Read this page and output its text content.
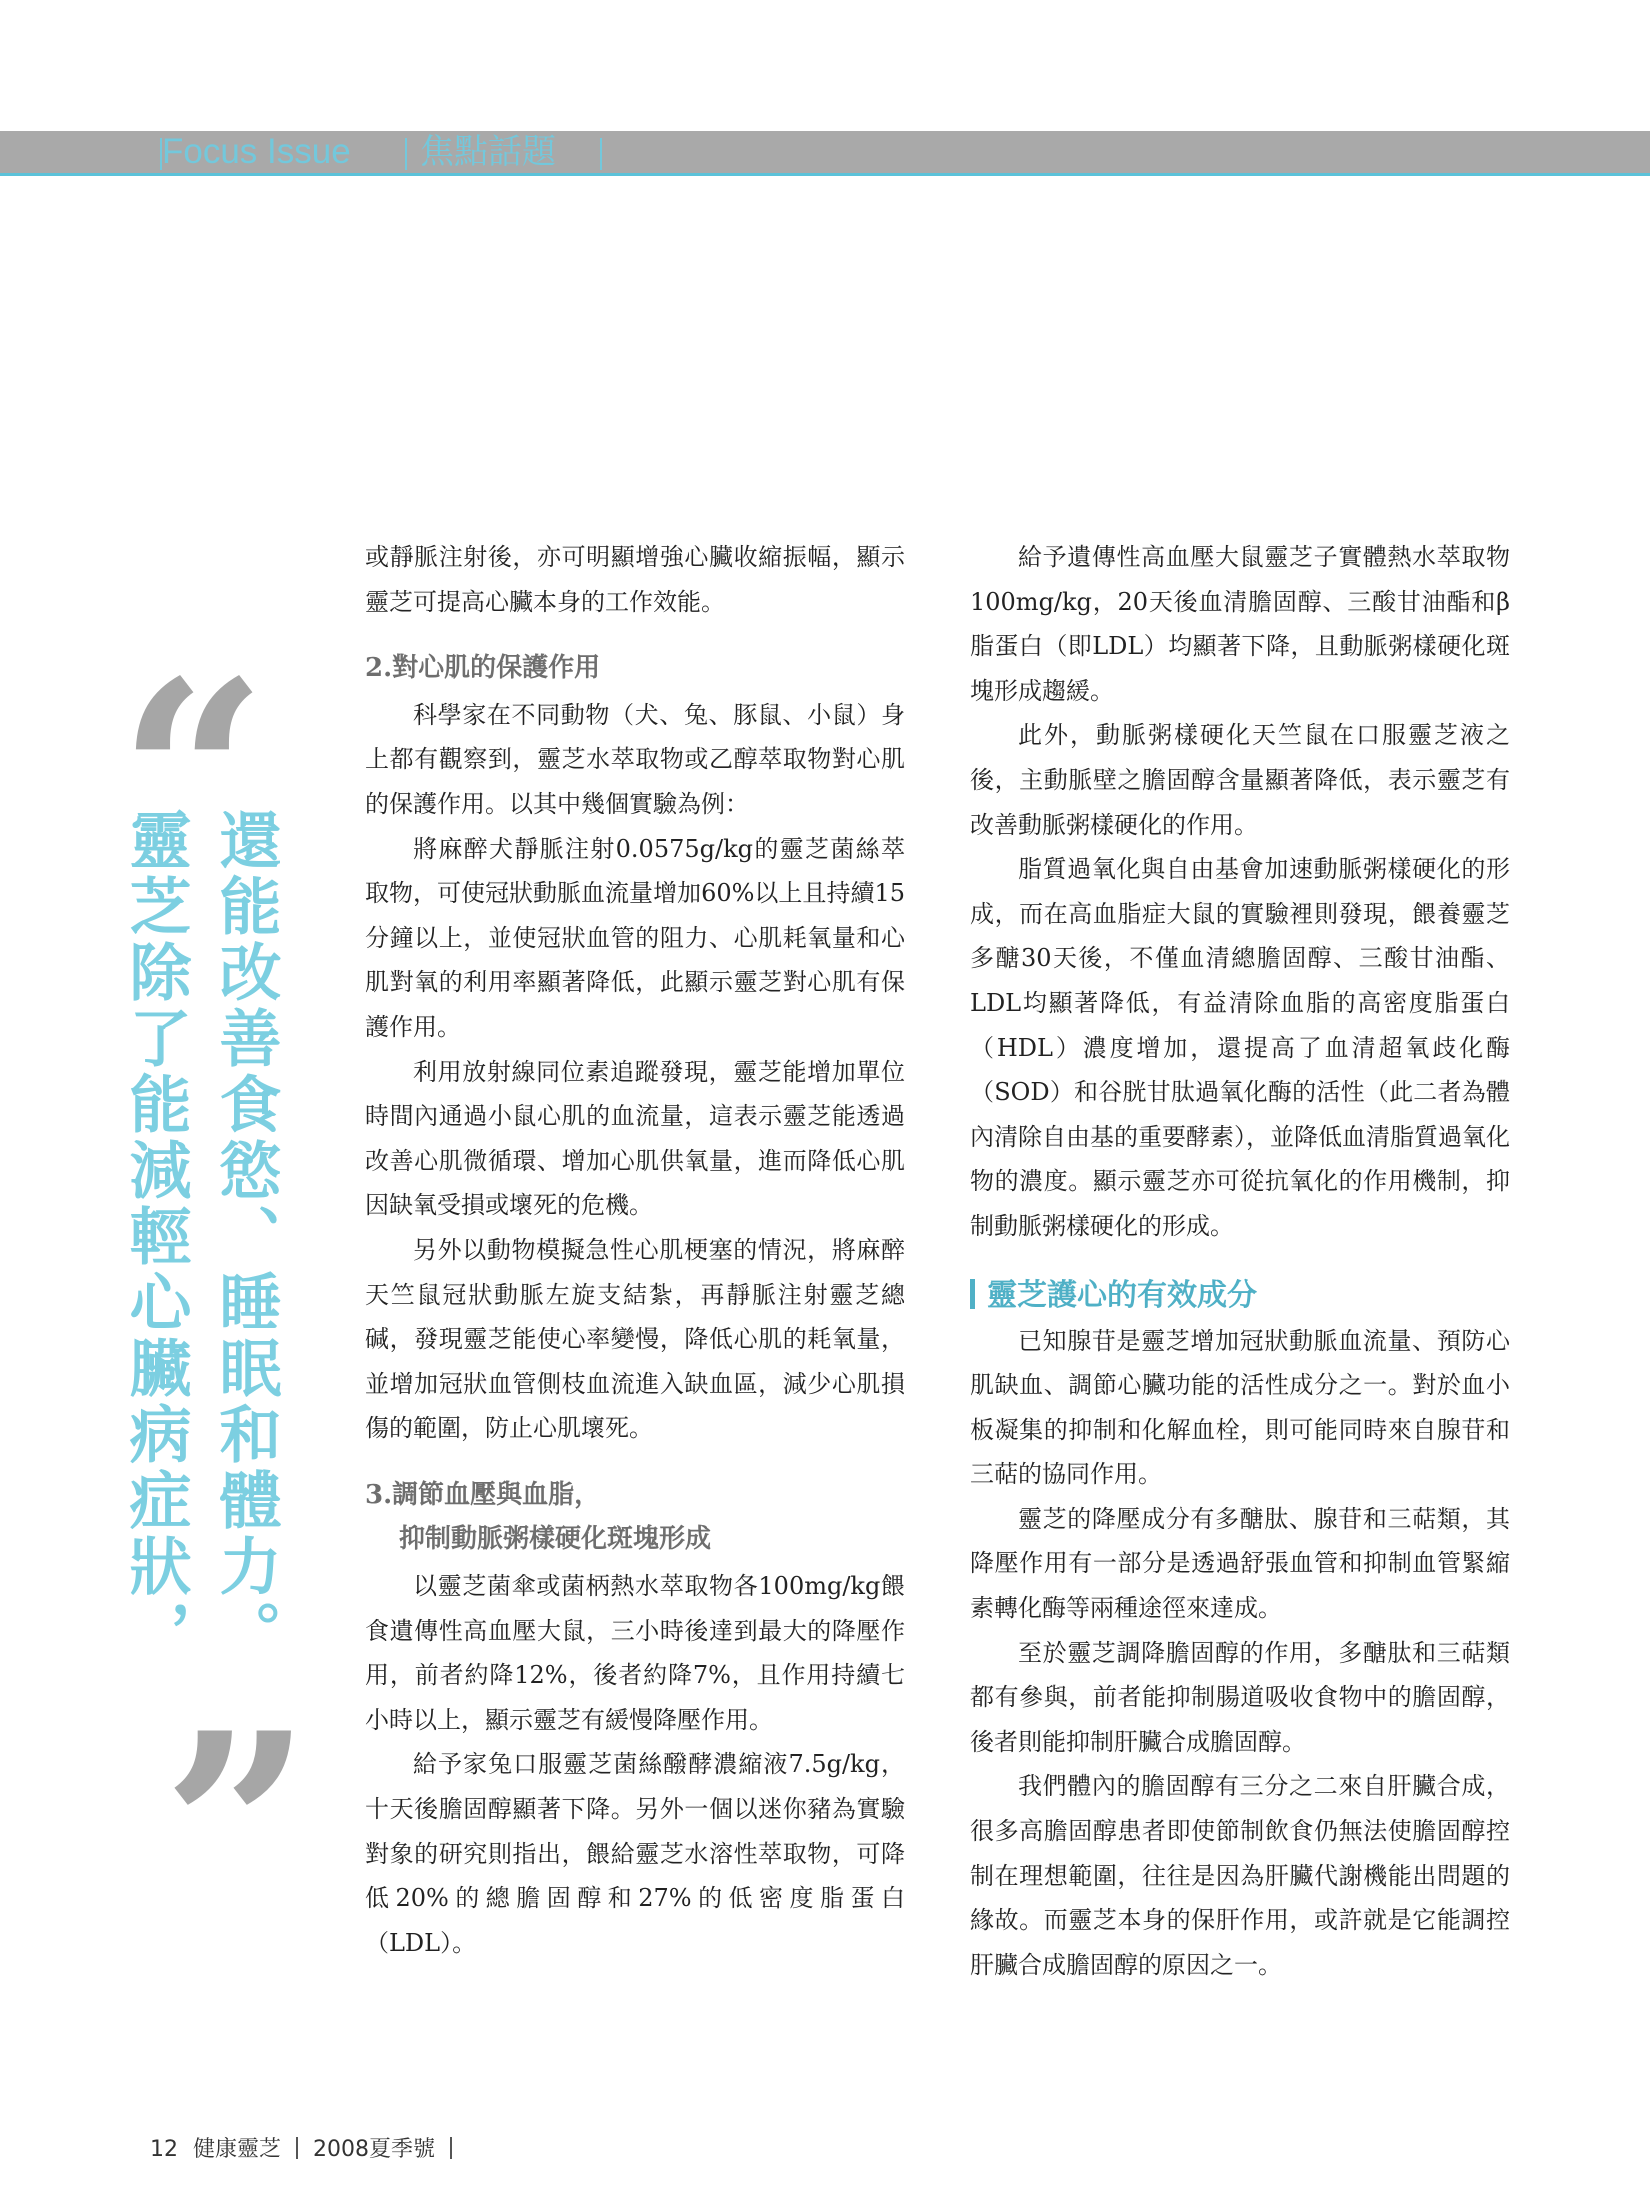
Focus Issue 焦點話題
“
還能改善食慾、睡眠和體力。
靈芝除了能減輕心臟病症狀，
”

或靜脈注射後，亦可明顯增強心臟收縮振幅，顯示靈芝可提高心臟本身的工作效能。

2.對心肌的保護作用

科學家在不同動物（犬、兔、豚鼠、小鼠）身上都有觀察到，靈芝水萃取物或乙醇萃取物對心肌的保護作用。以其中幾個實驗為例：

將麻醉犬靜脈注射0.0575g/kg的靈芝菌絲萃取物，可使冠狀動脈血流量增加60%以上且持續15分鐘以上，並使冠狀血管的阻力、心肌耗氧量和心肌對氧的利用率顯著降低，此顯示靈芝對心肌有保護作用。

利用放射線同位素追蹤發現，靈芝能增加單位時間內通過小鼠心肌的血流量，這表示靈芝能透過改善心肌微循環、增加心肌供氧量，進而降低心肌因缺氧受損或壞死的危機。

另外以動物模擬急性心肌梗塞的情況，將麻醉天竺鼠冠狀動脈左旋支結紮，再靜脈注射靈芝總碱，發現靈芝能使心率變慢，降低心肌的耗氧量，並增加冠狀血管側枝血流進入缺血區，減少心肌損傷的範圍，防止心肌壞死。

3.調節血壓與血脂，
抑制動脈粥樣硬化斑塊形成

以靈芝菌傘或菌柄熱水萃取物各100mg/kg餵食遺傳性高血壓大鼠，三小時後達到最大的降壓作用，前者約降12%，後者約降7%，且作用持續七小時以上，顯示靈芝有緩慢降壓作用。

給予家兔口服靈芝菌絲醱酵濃縮液7.5g/kg，十天後膽固醇顯著下降。另外一個以迷你豬為實驗對象的研究則指出，餵給靈芝水溶性萃取物，可降低20%的總膽固醇和27%的低密度脂蛋白（LDL）。

給予遺傳性高血壓大鼠靈芝子實體熱水萃取物100mg/kg，20天後血清膽固醇、三酸甘油酯和β脂蛋白（即LDL）均顯著下降，且動脈粥樣硬化斑塊形成趨緩。

此外，動脈粥樣硬化天竺鼠在口服靈芝液之後，主動脈壁之膽固醇含量顯著降低，表示靈芝有改善動脈粥樣硬化的作用。

脂質過氧化與自由基會加速動脈粥樣硬化的形成，而在高血脂症大鼠的實驗裡則發現，餵養靈芝多醣30天後，不僅血清總膽固醇、三酸甘油酯、LDL均顯著降低，有益清除血脂的高密度脂蛋白（HDL）濃度增加，還提高了血清超氧歧化酶（SOD）和谷胱甘肽過氧化酶的活性（此二者為體內清除自由基的重要酵素），並降低血清脂質過氧化物的濃度。顯示靈芝亦可從抗氧化的作用機制，抑制動脈粥樣硬化的形成。

靈芝護心的有效成分

已知腺苷是靈芝增加冠狀動脈血流量、預防心肌缺血、調節心臟功能的活性成分之一。對於血小板凝集的抑制和化解血栓，則可能同時來自腺苷和三萜的協同作用。

靈芝的降壓成分有多醣肽、腺苷和三萜類，其降壓作用有一部分是透過舒張血管和抑制血管緊縮素轉化酶等兩種途徑來達成。

至於靈芝調降膽固醇的作用，多醣肽和三萜類都有參與，前者能抑制腸道吸收食物中的膽固醇，後者則能抑制肝臟合成膽固醇。

我們體內的膽固醇有三分之二來自肝臟合成，很多高膽固醇患者即使節制飲食仍無法使膽固醇控制在理想範圍，往往是因為肝臟代謝機能出問題的緣故。而靈芝本身的保肝作用，或許就是它能調控肝臟合成膽固醇的原因之一。

12 健康靈芝 2008夏季號
